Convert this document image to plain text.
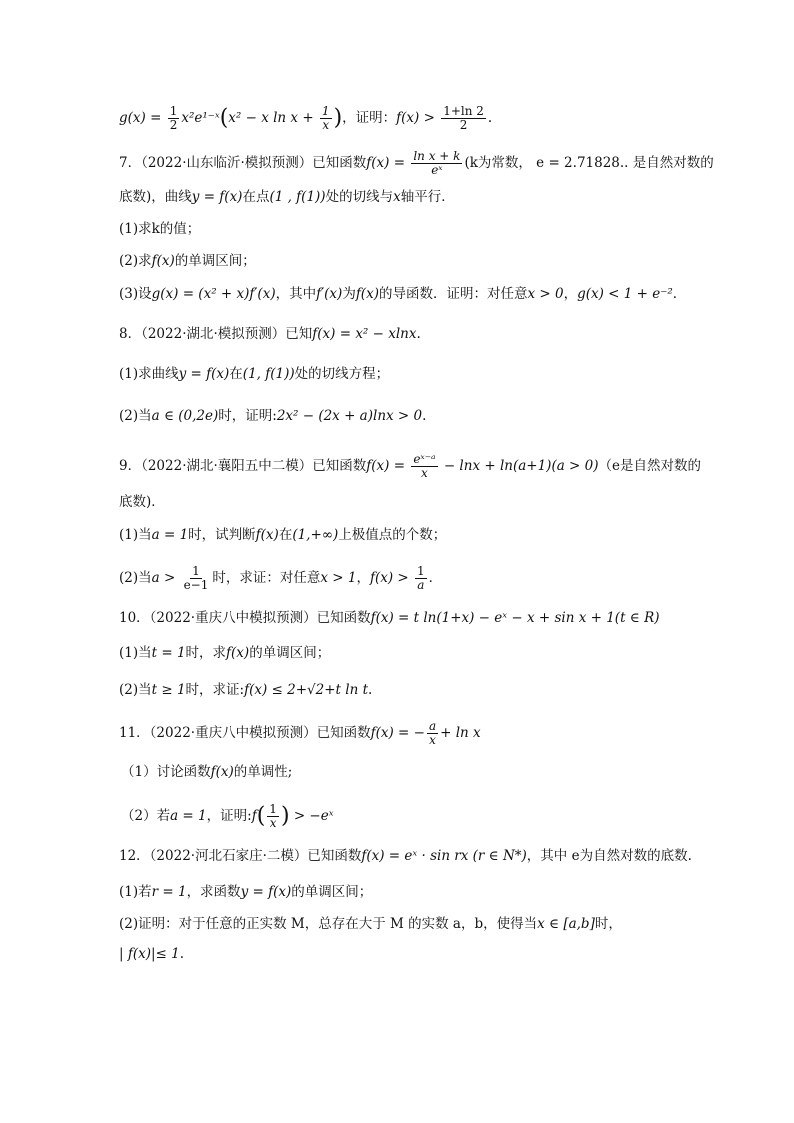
$g(x) = \frac{1}{2}$ x²e¹⁻ˣ(x² − x $\ln x + \frac{1}{x}$ )，证明：$f(x) > \frac{1+\ln 2}{2}$ .
7．（2022·山东临沂·模拟预测）已知函数$f(x) = \frac{\text{ln x + k}}{\text{eˣ}} (k$为常数， e = 2.71828.. 是自然对数的
底数)，曲线y = f(x)在点(1 , f(1))处的切线与x轴平行．
(1)求k的值；
(2)求f(x)的单调区间；
(3)设g(x) = (x² + x)f′(x)，其中f′(x)为f(x)的导函数．证明：对任意x > 0，g(x) < 1 + e⁻²．
8．（2022·湖北·模拟预测）已知f(x) = x² − xlnx.
(1)求曲线y = f(x)在(1, f(1))处的切线方程；
(2)当a ∈ (0,2e)时，证明:2x² − (2x + a)lnx > 0.
9．（2022·湖北·襄阳五中二模）已知函数$f(x) = \frac{\text{eˣ⁻ᵃ}}{x} - \ln x + \ln(a+1)(a > 0)(e$是自然对数的
底数)．
(1)当a = 1时，试判断f(x)在(1,+∞)上极值点的个数；
(2)当$a > \frac{1}{e-1}$ 时，求证：对任意x > 1，$f(x) > \frac{1}{a}$ ．
10．（2022·重庆八中模拟预测）已知函数f(x) = t ln(1+x) − eˣ − x + sin x + 1(t ∈ R)
(1)当t = 1时，求f(x)的单调区间；
(2)当t ≥ 1时，求证:f(x) ≤ 2+√2+t ln t.
11．（2022·重庆八中模拟预测）已知函数f(x) = − $\frac{a}{x} + \ln x$
（1）讨论函数f(x)的单调性;
（2）若a = 1，证明:f( $\frac{1}{x}$ ) > −eˣ
12．（2022·河北石家庄·二模）已知函数f(x) = eˣ · sin rx (r ∈ N*)，其中 e为自然对数的底数.
(1)若r = 1，求函数y = f(x)的单调区间；
(2)证明：对于任意的正实数 M，总存在大于 M 的实数 a，b，使得当x ∈ [a,b]时，
| f(x)|≤ 1.
